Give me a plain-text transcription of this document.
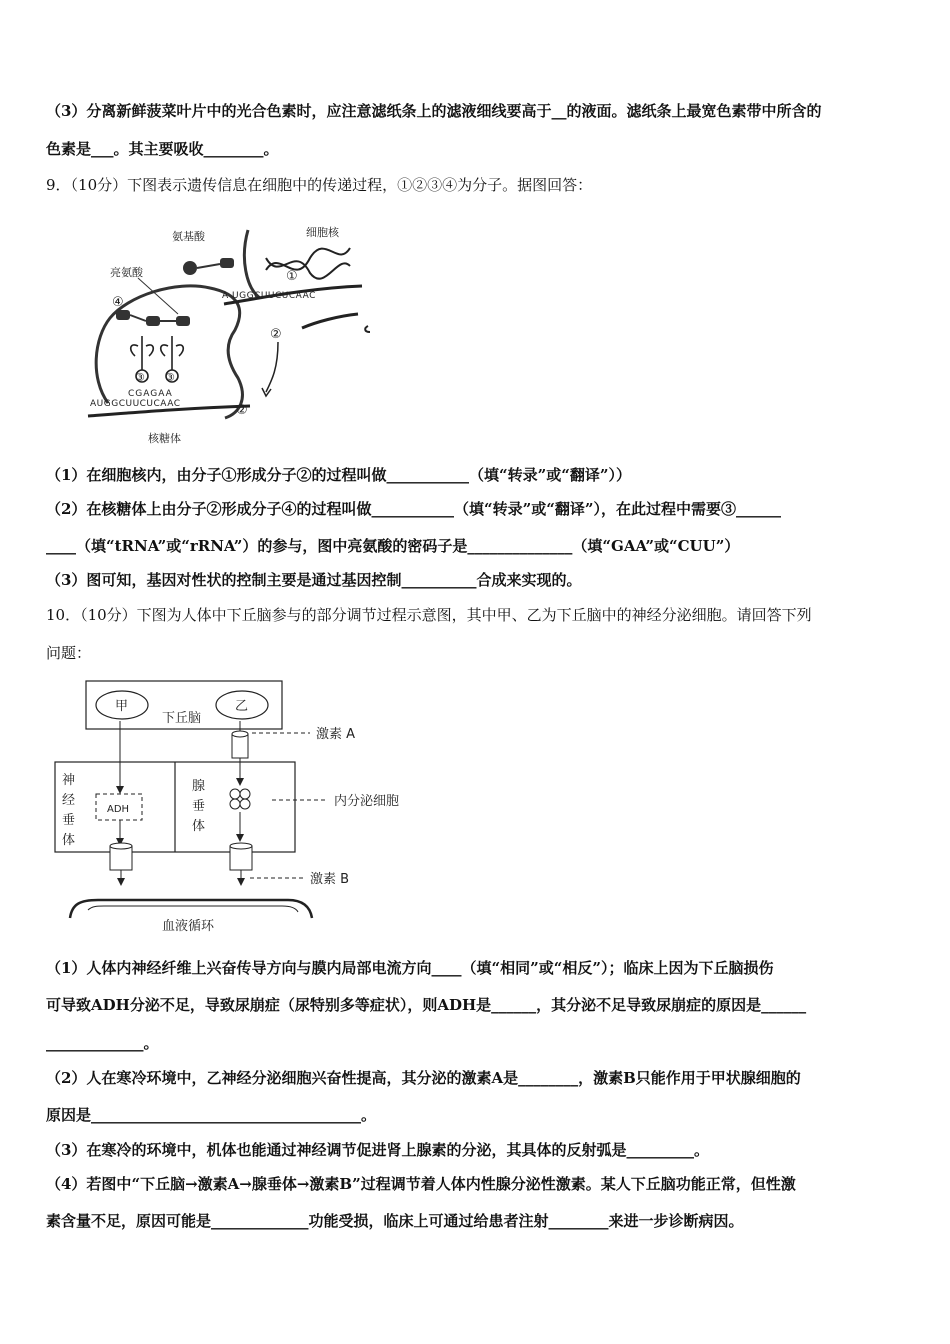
（3）分离新鲜菠菜叶片中的光合色素时，应注意滤纸条上的滤液细线要高于__的液面。滤纸条上最宽色素带中所含的
色素是___。其主要吸收________。
9．（10分）下图表示遗传信息在细胞中的传递过程，①②③④为分子。据图回答：
AUGGCUUCUCAAC	②
③ ③
CGAGAA
④
亮氨酸
氨基酸	细胞核
①
A UGGCUUCUCAAC
②
核糖体
（1）在细胞核内，由分子①形成分子②的过程叫做___________（填“转录”或“翻译”））
（2）在核糖体上由分子②形成分子④的过程叫做___________（填“转录”或“翻译”），在此过程中需要③______
____（填“tRNA”或“rRNA”）的参与，图中亮氨酸的密码子是______________（填“GAA”或“CUU”）
（3）图可知，基因对性状的控制主要是通过基因控制__________合成来实现的。
10．（10分）下图为人体中下丘脑参与的部分调节过程示意图，其中甲、乙为下丘脑中的神经分泌细胞。请回答下列
问题：
甲	乙
下丘脑
激素 A
神
经
垂
体
腺
垂
体
ADH
内分泌细胞
激素 B
血液循环
（1）人体内神经纤维上兴奋传导方向与膜内局部电流方向____（填“相同”或“相反”）；临床上因为下丘脑损伤
可导致ADH分泌不足，导致尿崩症（尿特别多等症状），则ADH是______，其分泌不足导致尿崩症的原因是______
_____________。
（2）人在寒冷环境中，乙神经分泌细胞兴奋性提高，其分泌的激素A是________，激素B只能作用于甲状腺细胞的
原因是____________________________________。
（3）在寒冷的环境中，机体也能通过神经调节促进肾上腺素的分泌，其具体的反射弧是_________。
（4）若图中“下丘脑→激素A→腺垂体→激素B”过程调节着人体内性腺分泌性激素。某人下丘脑功能正常，但性激
素含量不足，原因可能是_____________功能受损，临床上可通过给患者注射________来进一步诊断病因。
